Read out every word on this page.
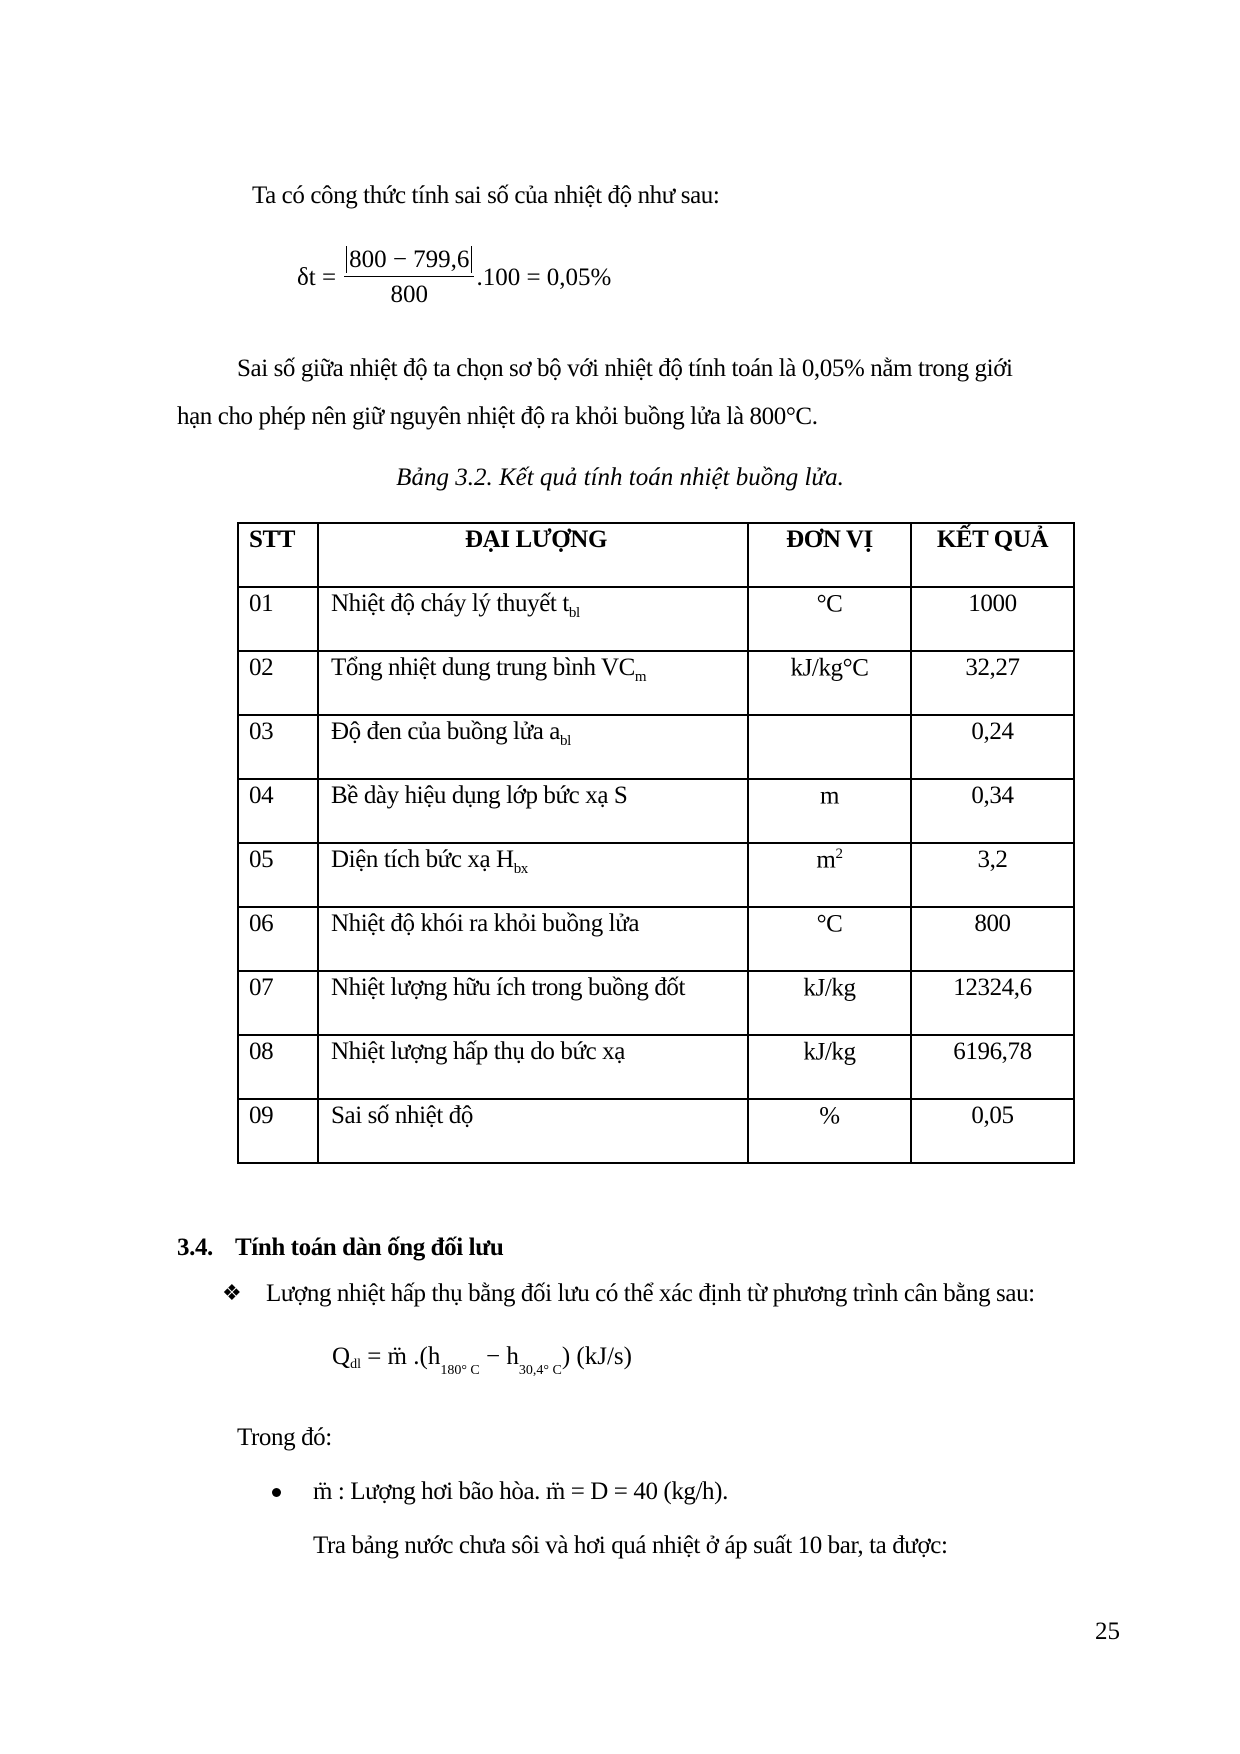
Ta có công thức tính sai số của nhiệt độ như sau:
$\delta t = \frac{800 - 799,6}{800} .100 = 0,05\%$
Sai số giữa nhiệt độ ta chọn sơ bộ với nhiệt độ tính toán là 0,05% nằm trong giới
hạn cho phép nên giữ nguyên nhiệt độ ra khỏi buồng lửa là 800°C.
Bảng 3.2. Kết quả tính toán nhiệt buồng lửa.
STT	ĐẠI LƯỢNG	ĐƠN VỊ	KẾT QUẢ
01	Nhiệt độ cháy lý thuyết $t_{bl}$	°C	1000
02	Tổng nhiệt dung trung bình $VC_m$	kJ/kg°C	32,27
03	Độ đen của buồng lửa $a_{bl}$		0,24
04	Bề dày hiệu dụng lớp bức xạ S	m	0,34
05	Diện tích bức xạ $H_{bx}$	$m^2$	3,2
06	Nhiệt độ khói ra khỏi buồng lửa	°C	800
07	Nhiệt lượng hữu ích trong buồng đốt	kJ/kg	12324,6
08	Nhiệt lượng hấp thụ do bức xạ	kJ/kg	6196,78
09	Sai số nhiệt độ	%	0,05
3.4. Tính toán dàn ống đối lưu
❖ Lượng nhiệt hấp thụ bằng đối lưu có thể xác định từ phương trình cân bằng sau:
Qdl = m̈ $.(h_{180^\circ C} - h_{30,4^\circ C})$ (kJ/s)
Trong đó:
m̈ : Lượng hơi bão hòa. m̈ = D = 40 (kg/h).
Tra bảng nước chưa sôi và hơi quá nhiệt ở áp suất 10 bar, ta được:
25
